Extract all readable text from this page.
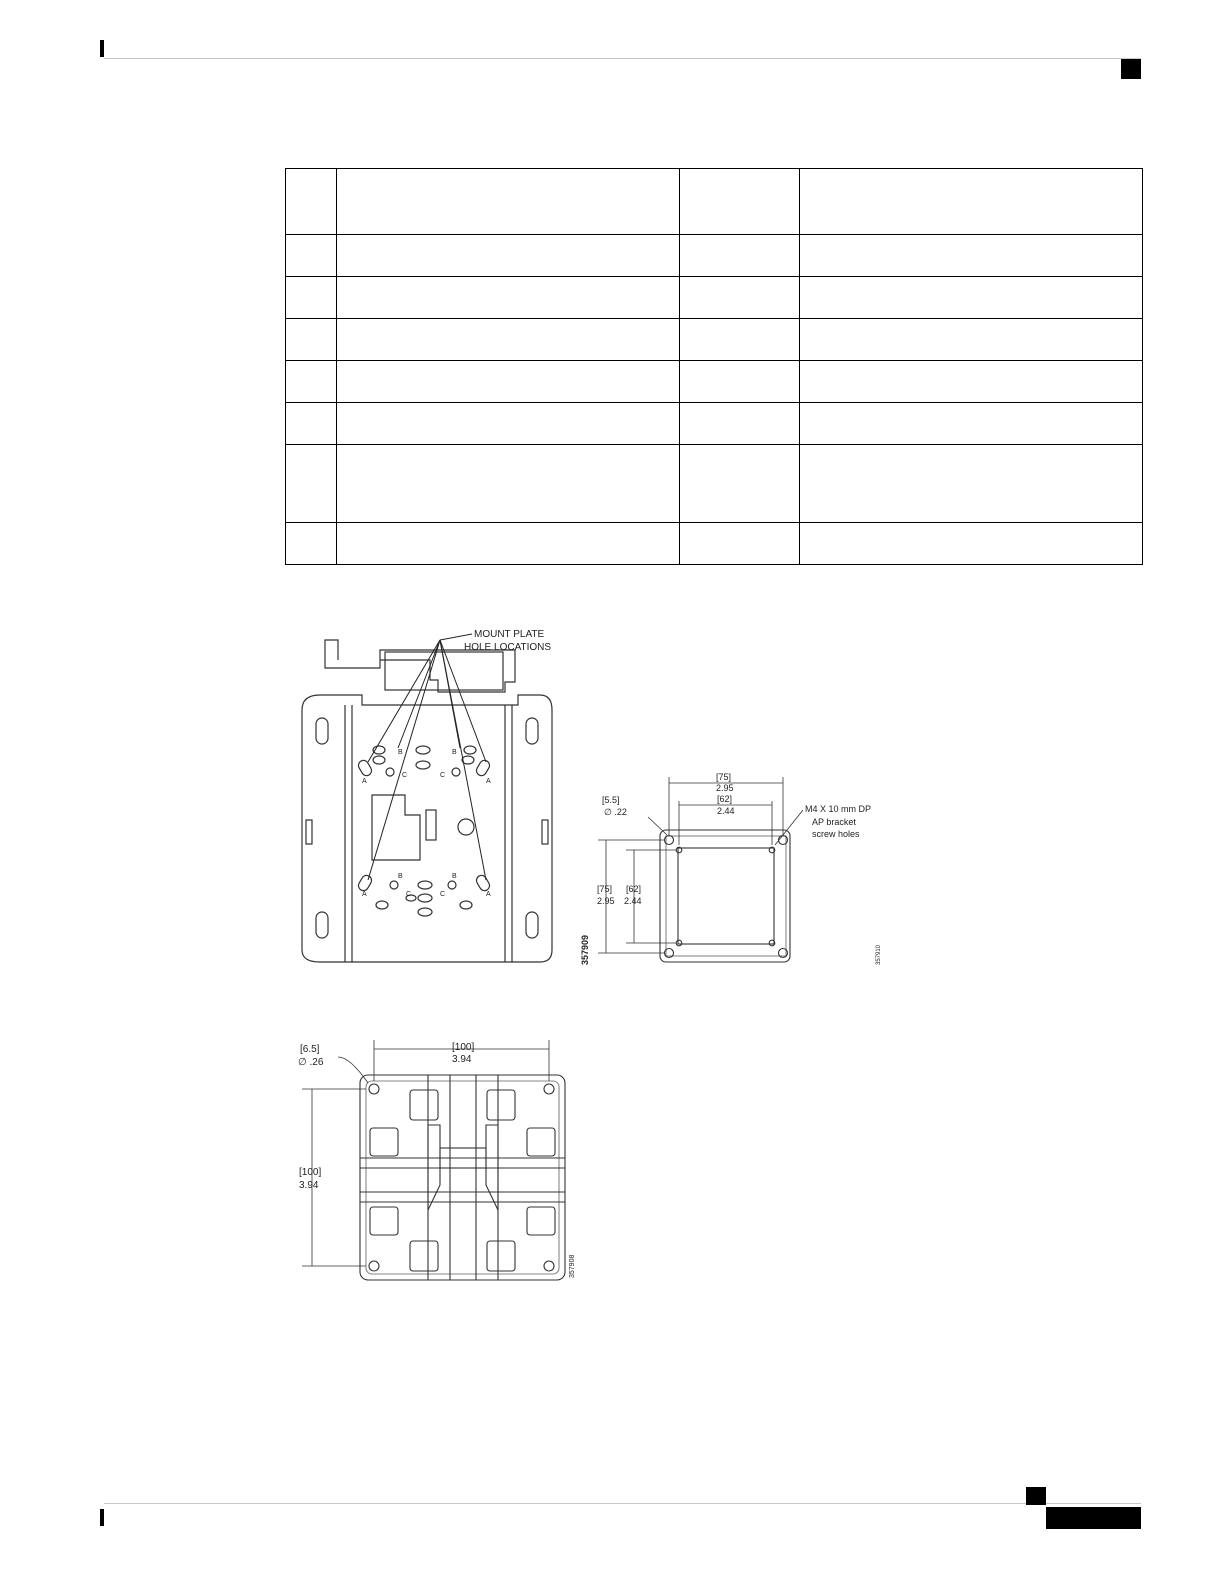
MOUNT PLATE
HOLE LOCATIONS
A
B
C	C
B
A
A
B
C	C
B
A
357909
[75]
2.95
[62]
2.44
[5.5]
∅ .22
[75]
2.95
[62]
2.44
M4 X 10 mm DP
AP bracket
screw holes
357910
[100]
3.94
[6.5]
∅ .26
[100]
3.94
357908
